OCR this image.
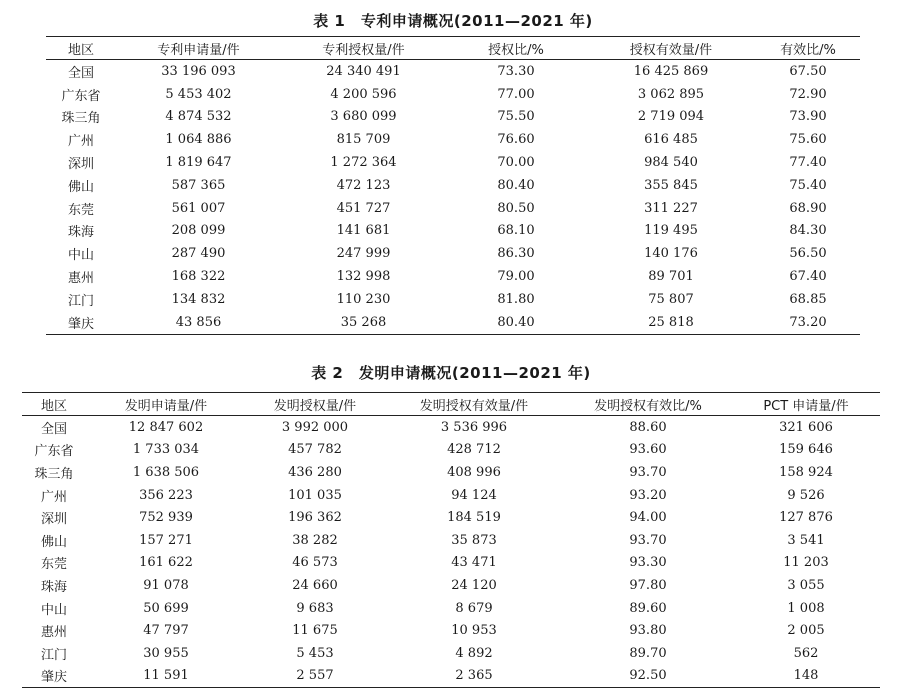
表 1　专利申请概况(2011—2021 年)
地区	专利申请量/件	专利授权量/件	授权比/%	授权有效量/件	有效比/%
全国	33 196 093	24 340 491	73.30	16 425 869	67.50
广东省	5 453 402	4 200 596	77.00	3 062 895	72.90
珠三角	4 874 532	3 680 099	75.50	2 719 094	73.90
广州	1 064 886	815 709	76.60	616 485	75.60
深圳	1 819 647	1 272 364	70.00	984 540	77.40
佛山	587 365	472 123	80.40	355 845	75.40
东莞	561 007	451 727	80.50	311 227	68.90
珠海	208 099	141 681	68.10	119 495	84.30
中山	287 490	247 999	86.30	140 176	56.50
惠州	168 322	132 998	79.00	89 701	67.40
江门	134 832	110 230	81.80	75 807	68.85
肇庆	43 856	35 268	80.40	25 818	73.20
表 2　发明申请概况(2011—2021 年)
地区	发明申请量/件	发明授权量/件	发明授权有效量/件	发明授权有效比/%	PCT 申请量/件
全国	12 847 602	3 992 000	3 536 996	88.60	321 606
广东省	1 733 034	457 782	428 712	93.60	159 646
珠三角	1 638 506	436 280	408 996	93.70	158 924
广州	356 223	101 035	94 124	93.20	9 526
深圳	752 939	196 362	184 519	94.00	127 876
佛山	157 271	38 282	35 873	93.70	3 541
东莞	161 622	46 573	43 471	93.30	11 203
珠海	91 078	24 660	24 120	97.80	3 055
中山	50 699	9 683	8 679	89.60	1 008
惠州	47 797	11 675	10 953	93.80	2 005
江门	30 955	5 453	4 892	89.70	562
肇庆	11 591	2 557	2 365	92.50	148
